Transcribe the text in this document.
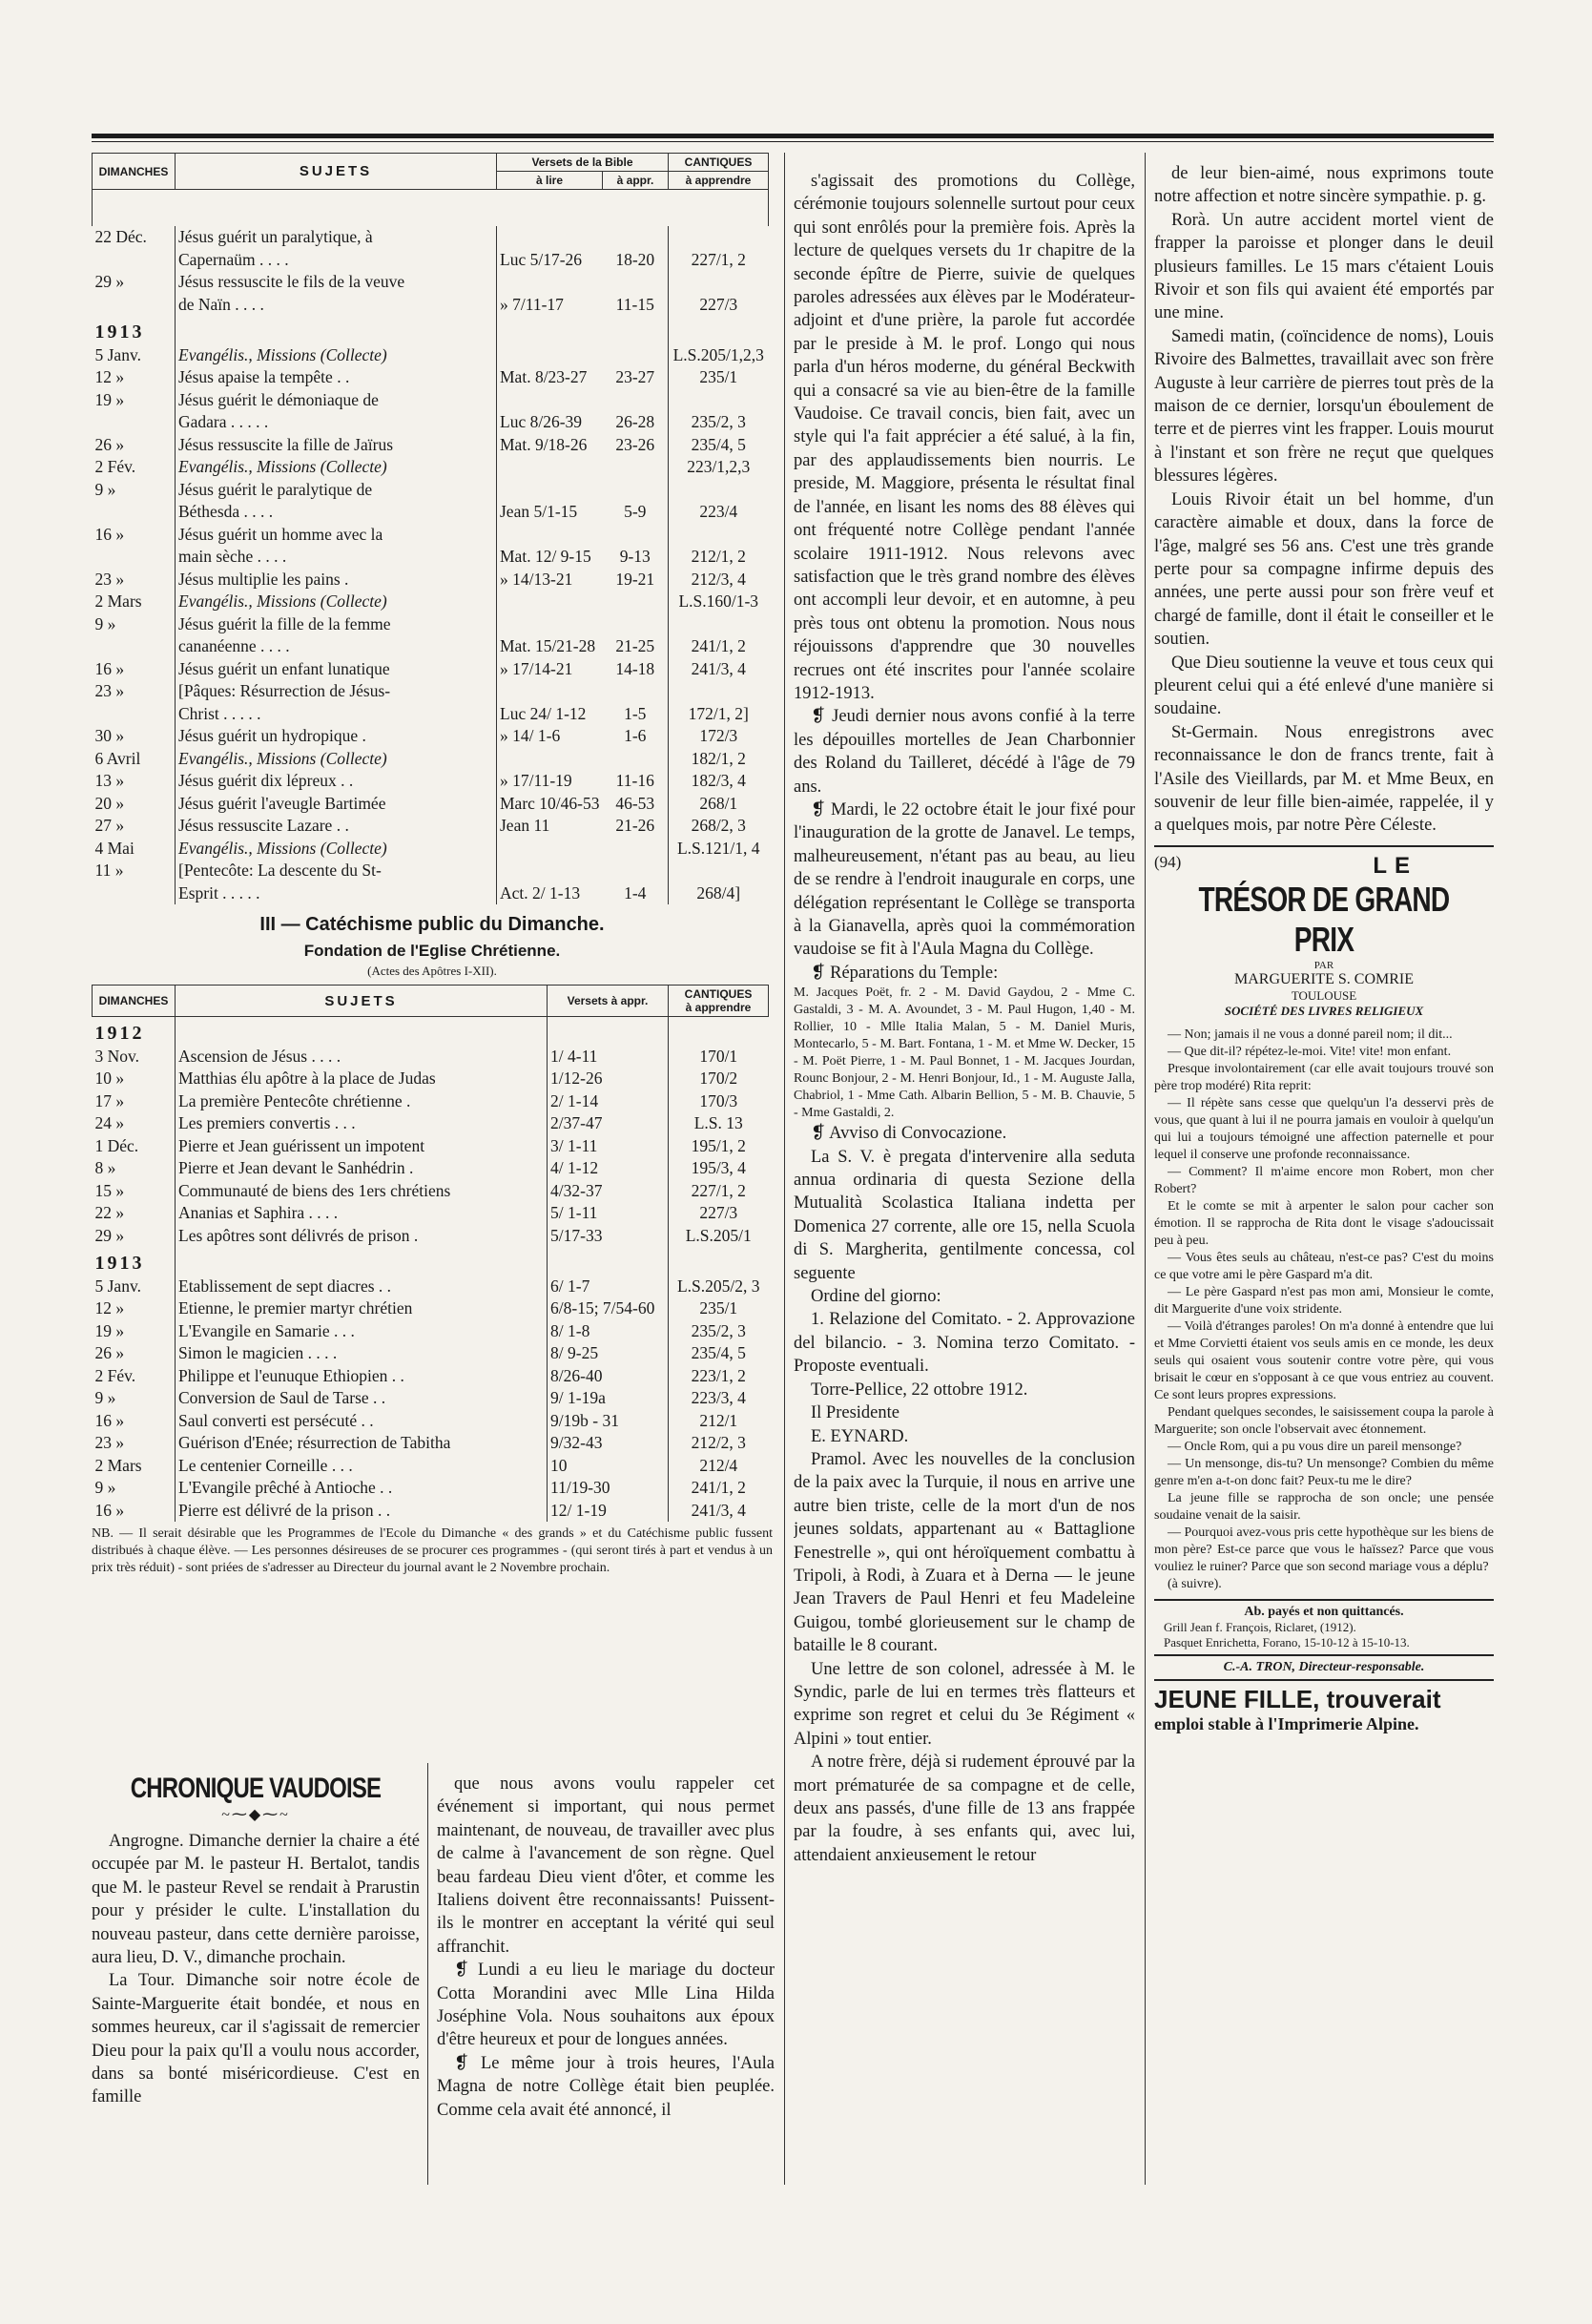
DIMANCHES	SUJETS	Versets de la Bible		CANTIQUES
		à lire	à appr.	à apprendre

22 Déc.	Jésus guérit un paralytique, à			
	Capernaüm . . . .	Luc 5/17-26	18-20	227/1, 2
29 »	Jésus ressuscite le fils de la veuve			
	de Naïn . . . .	» 7/11-17	11-15	227/3
1913				
5 Janv.	Evangélis., Missions (Collecte)			L.S.205/1,2,3
12 »	Jésus apaise la tempête . .	Mat. 8/23-27	23-27	235/1
19 »	Jésus guérit le démoniaque de			
	Gadara . . . . .	Luc 8/26-39	26-28	235/2, 3
26 »	Jésus ressuscite la fille de Jaïrus	Mat. 9/18-26	23-26	235/4, 5
2 Fév.	Evangélis., Missions (Collecte)			223/1,2,3
9 »	Jésus guérit le paralytique de			
	Béthesda . . . .	Jean 5/1-15	5-9	223/4
16 »	Jésus guérit un homme avec la			
	main sèche . . . .	Mat. 12/ 9-15	9-13	212/1, 2
23 »	Jésus multiplie les pains .	» 14/13-21	19-21	212/3, 4
2 Mars	Evangélis., Missions (Collecte)			L.S.160/1-3
9 »	Jésus guérit la fille de la femme			
	cananéenne . . . .	Mat. 15/21-28	21-25	241/1, 2
16 »	Jésus guérit un enfant lunatique	» 17/14-21	14-18	241/3, 4
23 »	[Pâques: Résurrection de Jésus-			
	Christ . . . . .	Luc 24/ 1-12	1-5	172/1, 2]
30 »	Jésus guérit un hydropique .	» 14/ 1-6	1-6	172/3
6 Avril	Evangélis., Missions (Collecte)			182/1, 2
13 »	Jésus guérit dix lépreux . .	» 17/11-19	11-16	182/3, 4
20 »	Jésus guérit l'aveugle Bartimée	Marc 10/46-53	46-53	268/1
27 »	Jésus ressuscite Lazare . .	Jean 11	21-26	268/2, 3
4 Mai	Evangélis., Missions (Collecte)			L.S.121/1, 4
11 »	[Pentecôte: La descente du St-			
	Esprit . . . . .	Act. 2/ 1-13	1-4	268/4]
III — Catéchisme public du Dimanche.
Fondation de l'Eglise Chrétienne.
(Actes des Apôtres I-XII).
DIMANCHES	SUJETS	Versets à appr.	CANTIQUES
à apprendre
1912			
3 Nov.	Ascension de Jésus . . . .	1/ 4-11	170/1
10 »	Matthias élu apôtre à la place de Judas	1/12-26	170/2
17 »	La première Pentecôte chrétienne .	2/ 1-14	170/3
24 »	Les premiers convertis . . .	2/37-47	L.S. 13
1 Déc.	Pierre et Jean guérissent un impotent	3/ 1-11	195/1, 2
8 »	Pierre et Jean devant le Sanhédrin .	4/ 1-12	195/3, 4
15 »	Communauté de biens des 1ers chrétiens	4/32-37	227/1, 2
22 »	Ananias et Saphira . . . .	5/ 1-11	227/3
29 »	Les apôtres sont délivrés de prison .	5/17-33	L.S.205/1
1913			
5 Janv.	Etablissement de sept diacres . .	6/ 1-7	L.S.205/2, 3
12 »	Etienne, le premier martyr chrétien	6/8-15; 7/54-60	235/1
19 »	L'Evangile en Samarie . . .	8/ 1-8	235/2, 3
26 »	Simon le magicien . . . .	8/ 9-25	235/4, 5
2 Fév.	Philippe et l'eunuque Ethiopien . .	8/26-40	223/1, 2
9 »	Conversion de Saul de Tarse . .	9/ 1-19a	223/3, 4
16 »	Saul converti est persécuté . .	9/19b - 31	212/1
23 »	Guérison d'Enée; résurrection de Tabitha	9/32-43	212/2, 3
2 Mars	Le centenier Corneille . . .	10	212/4
9 »	L'Evangile prêché à Antioche . .	11/19-30	241/1, 2
16 »	Pierre est délivré de la prison . .	12/ 1-19	241/3, 4
NB. — Il serait désirable que les Programmes de l'Ecole du Dimanche « des grands » et du Catéchisme public fussent distribués à chaque élève. — Les personnes désireuses de se procurer ces programmes - (qui seront tirés à part et vendus à un prix très réduit) - sont priées de s'adresser au Directeur du journal avant le 2 Novembre prochain.
CHRONIQUE VAUDOISE
~⁓◆⁓~

Angrogne. Dimanche dernier la chaire a été occupée par M. le pasteur H. Bertalot, tandis que M. le pasteur Revel se rendait à Prarustin pour y présider le culte. L'installation du nouveau pasteur, dans cette dernière paroisse, aura lieu, D. V., dimanche prochain.

La Tour. Dimanche soir notre école de Sainte-Marguerite était bondée, et nous en sommes heureux, car il s'agissait de remercier Dieu pour la paix qu'Il a voulu nous accorder, dans sa bonté miséricordieuse. C'est en famille

que nous avons voulu rappeler cet événement si important, qui nous permet maintenant, de nouveau, de travailler avec plus de calme à l'avancement de son règne. Quel beau fardeau Dieu vient d'ôter, et comme les Italiens doivent être reconnaissants! Puissent-ils le montrer en acceptant la vérité qui seul affranchit.

❡ Lundi a eu lieu le mariage du docteur Cotta Morandini avec Mlle Lina Hilda Joséphine Vola. Nous souhaitons aux époux d'être heureux et pour de longues années.

❡ Le même jour à trois heures, l'Aula Magna de notre Collège était bien peuplée. Comme cela avait été annoncé, il

s'agissait des promotions du Collège, cérémonie toujours solennelle surtout pour ceux qui sont enrôlés pour la première fois. Après la lecture de quelques versets du 1r chapitre de la seconde épître de Pierre, suivie de quelques paroles adressées aux élèves par le Modérateur-adjoint et d'une prière, la parole fut accordée par le preside à M. le prof. Longo qui nous parla d'un héros moderne, du général Beckwith qui a consacré sa vie au bien-être de la famille Vaudoise. Ce travail concis, bien fait, avec un style qui l'a fait apprécier a été salué, à la fin, par des applaudissements bien nourris. Le preside, M. Maggiore, présenta le résultat final de l'année, en lisant les noms des 88 élèves qui ont fréquenté notre Collège pendant l'année scolaire 1911-1912. Nous relevons avec satisfaction que le très grand nombre des élèves ont accompli leur devoir, et en automne, à peu près tous ont obtenu la promotion. Nous nous réjouissons d'apprendre que 30 nouvelles recrues ont été inscrites pour l'année scolaire 1912-1913.

❡ Jeudi dernier nous avons confié à la terre les dépouilles mortelles de Jean Charbonnier des Roland du Tailleret, décédé à l'âge de 79 ans.

❡ Mardi, le 22 octobre était le jour fixé pour l'inauguration de la grotte de Janavel. Le temps, malheureusement, n'étant pas au beau, au lieu de se rendre à l'endroit inaugurale en corps, une délégation représentant le Collège se transporta à la Gianavella, après quoi la commémoration vaudoise se fit à l'Aula Magna du Collège.

❡ Réparations du Temple:

M. Jacques Poët, fr. 2 - M. David Gaydou, 2 - Mme C. Gastaldi, 3 - M. A. Avoundet, 3 - M. Paul Hugon, 1,40 - M. Rollier, 10 - Mlle Italia Malan, 5 - M. Daniel Muris, Montecarlo, 5 - M. Bart. Fontana, 1 - M. et Mme W. Decker, 15 - M. Poët Pierre, 1 - M. Paul Bonnet, 1 - M. Jacques Jourdan, Rounc Bonjour, 2 - M. Henri Bonjour, Id., 1 - M. Auguste Jalla, Chabriol, 1 - Mme Cath. Albarin Bellion, 5 - M. B. Chauvie, 5 - Mme Gastaldi, 2.

❡ Avviso di Convocazione.

La S. V. è pregata d'intervenire alla seduta annua ordinaria di questa Sezione della Mutualità Scolastica Italiana indetta per Domenica 27 corrente, alle ore 15, nella Scuola di S. Margherita, gentilmente concessa, col seguente

Ordine del giorno:

1. Relazione del Comitato. - 2. Approvazione del bilancio. - 3. Nomina terzo Comitato. - Proposte eventuali.

Torre-Pellice, 22 ottobre 1912.

Il Presidente

E. EYNARD.

Pramol. Avec les nouvelles de la conclusion de la paix avec la Turquie, il nous en arrive une autre bien triste, celle de la mort d'un de nos jeunes soldats, appartenant au « Battaglione Fenestrelle », qui ont héroïquement combattu à Tripoli, à Rodi, à Zuara et à Derna — le jeune Jean Travers de Paul Henri et feu Madeleine Guigou, tombé glorieusement sur le champ de bataille le 8 courant.

Une lettre de son colonel, adressée à M. le Syndic, parle de lui en termes très flatteurs et exprime son regret et celui du 3e Régiment « Alpini » tout entier.

A notre frère, déjà si rudement éprouvé par la mort prématurée de sa compagne et de celle, deux ans passés, d'une fille de 13 ans frappée par la foudre, à ses enfants qui, avec lui, attendaient anxieusement le retour

de leur bien-aimé, nous exprimons toute notre affection et notre sincère sympathie. p. g.

Rorà. Un autre accident mortel vient de frapper la paroisse et plonger dans le deuil plusieurs familles. Le 15 mars c'étaient Louis Rivoir et son fils qui avaient été emportés par une mine.

Samedi matin, (coïncidence de noms), Louis Rivoire des Balmettes, travaillait avec son frère Auguste à leur carrière de pierres tout près de la maison de ce dernier, lorsqu'un éboulement de terre et de pierres vint les frapper. Louis mourut à l'instant et son frère ne reçut que quelques blessures légères.

Louis Rivoir était un bel homme, d'un caractère aimable et doux, dans la force de l'âge, malgré ses 56 ans. C'est une très grande perte pour sa compagne infirme depuis des années, une perte aussi pour son frère veuf et chargé de famille, dont il était le conseiller et le soutien.

Que Dieu soutienne la veuve et tous ceux qui pleurent celui qui a été enlevé d'une manière si soudaine.

St-Germain. Nous enregistrons avec reconnaissance le don de francs trente, fait à l'Asile des Vieillards, par M. et Mme Beux, en souvenir de leur fille bien-aimée, rappelée, il y a quelques mois, par notre Père Céleste.

(94)	LE
TRÉSOR DE GRAND PRIX
PAR
MARGUERITE S. COMRIE
TOULOUSE
SOCIÉTÉ DES LIVRES RELIGIEUX

— Non; jamais il ne vous a donné pareil nom; il dit...

— Que dit-il? répétez-le-moi. Vite! vite! mon enfant.

Presque involontairement (car elle avait toujours trouvé son père trop modéré) Rita reprit:

— Il répète sans cesse que quelqu'un l'a desservi près de vous, que quant à lui il ne pourra jamais en vouloir à quelqu'un qui lui a toujours témoigné une affection paternelle et pour lequel il conserve une profonde reconnaissance.

— Comment? Il m'aime encore mon Robert, mon cher Robert?

Et le comte se mit à arpenter le salon pour cacher son émotion. Il se rapprocha de Rita dont le visage s'adoucissait peu à peu.

— Vous êtes seuls au château, n'est-ce pas? C'est du moins ce que votre ami le père Gaspard m'a dit.

— Le père Gaspard n'est pas mon ami, Monsieur le comte, dit Marguerite d'une voix stridente.

— Voilà d'étranges paroles! On m'a donné à entendre que lui et Mme Corvietti étaient vos seuls amis en ce monde, les deux seuls qui osaient vous soutenir contre votre père, qui vous brisait le cœur en s'opposant à ce que vous entriez au couvent. Ce sont leurs propres expressions.

Pendant quelques secondes, le saisissement coupa la parole à Marguerite; son oncle l'observait avec étonnement.

— Oncle Rom, qui a pu vous dire un pareil mensonge?

— Un mensonge, dis-tu? Un mensonge? Combien du même genre m'en a-t-on donc fait? Peux-tu me le dire?

La jeune fille se rapprocha de son oncle; une pensée soudaine venait de la saisir.

— Pourquoi avez-vous pris cette hypothèque sur les biens de mon père? Est-ce parce que vous le haïssez? Parce que vous vouliez le ruiner? Parce que son second mariage vous a déplu?

(à suivre).

Ab. payés et non quittancés.
Grill Jean f. François, Riclaret, (1912).
Pasquet Enrichetta, Forano, 15-10-12 à 15-10-13.
C.-A. TRON, Directeur-responsable.
JEUNE FILLE, trouverait
emploi stable à l'Imprimerie Alpine.
